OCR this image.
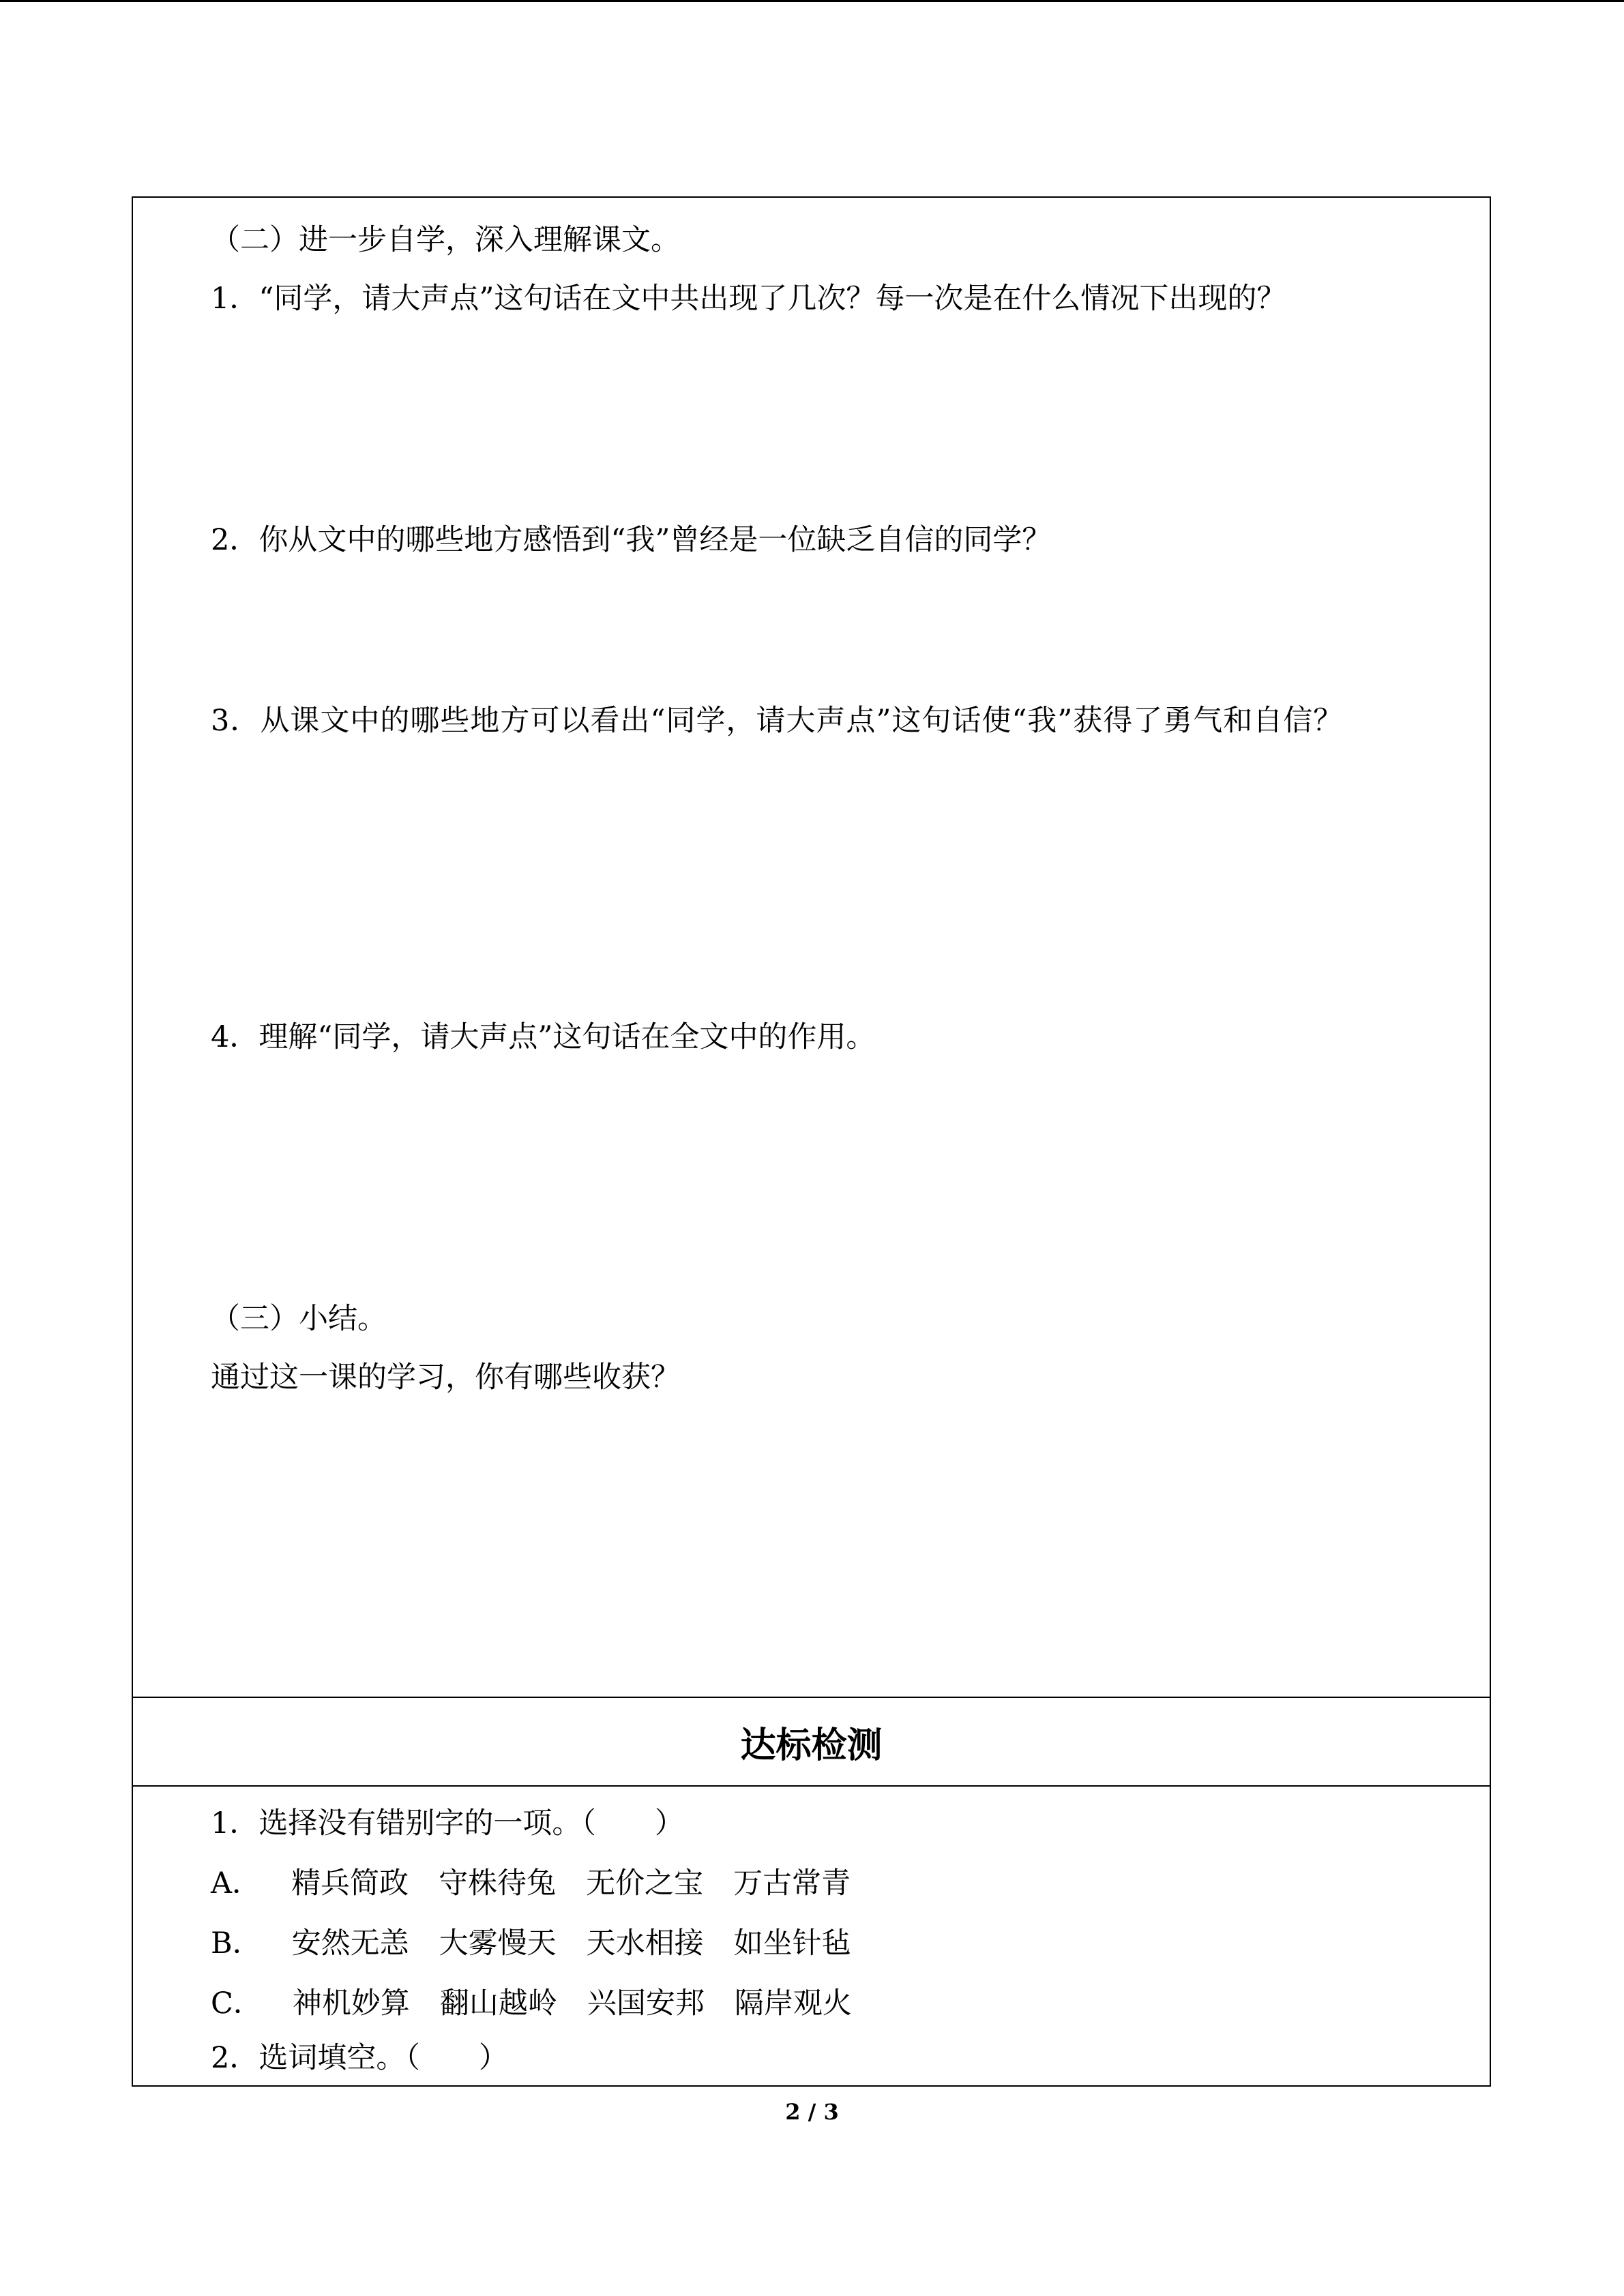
（二）进一步自学，深入理解课文。
1．“同学，请大声点”这句话在文中共出现了几次？每一次是在什么情况下出现的？
2．你从文中的哪些地方感悟到“我”曾经是一位缺乏自信的同学？
3．从课文中的哪些地方可以看出“同学，请大声点”这句话使“我”获得了勇气和自信？
4．理解“同学，请大声点”这句话在全文中的作用。
（三）小结。
通过这一课的学习，你有哪些收获？
达标检测
1．选择没有错别字的一项。（　　）
A． 精兵简政 守株待兔 无价之宝 万古常青
B． 安然无恙 大雾慢天 天水相接 如坐针毡
C． 神机妙算 翻山越岭 兴国安邦 隔岸观火
2．选词填空。（　　）
2 / 3
